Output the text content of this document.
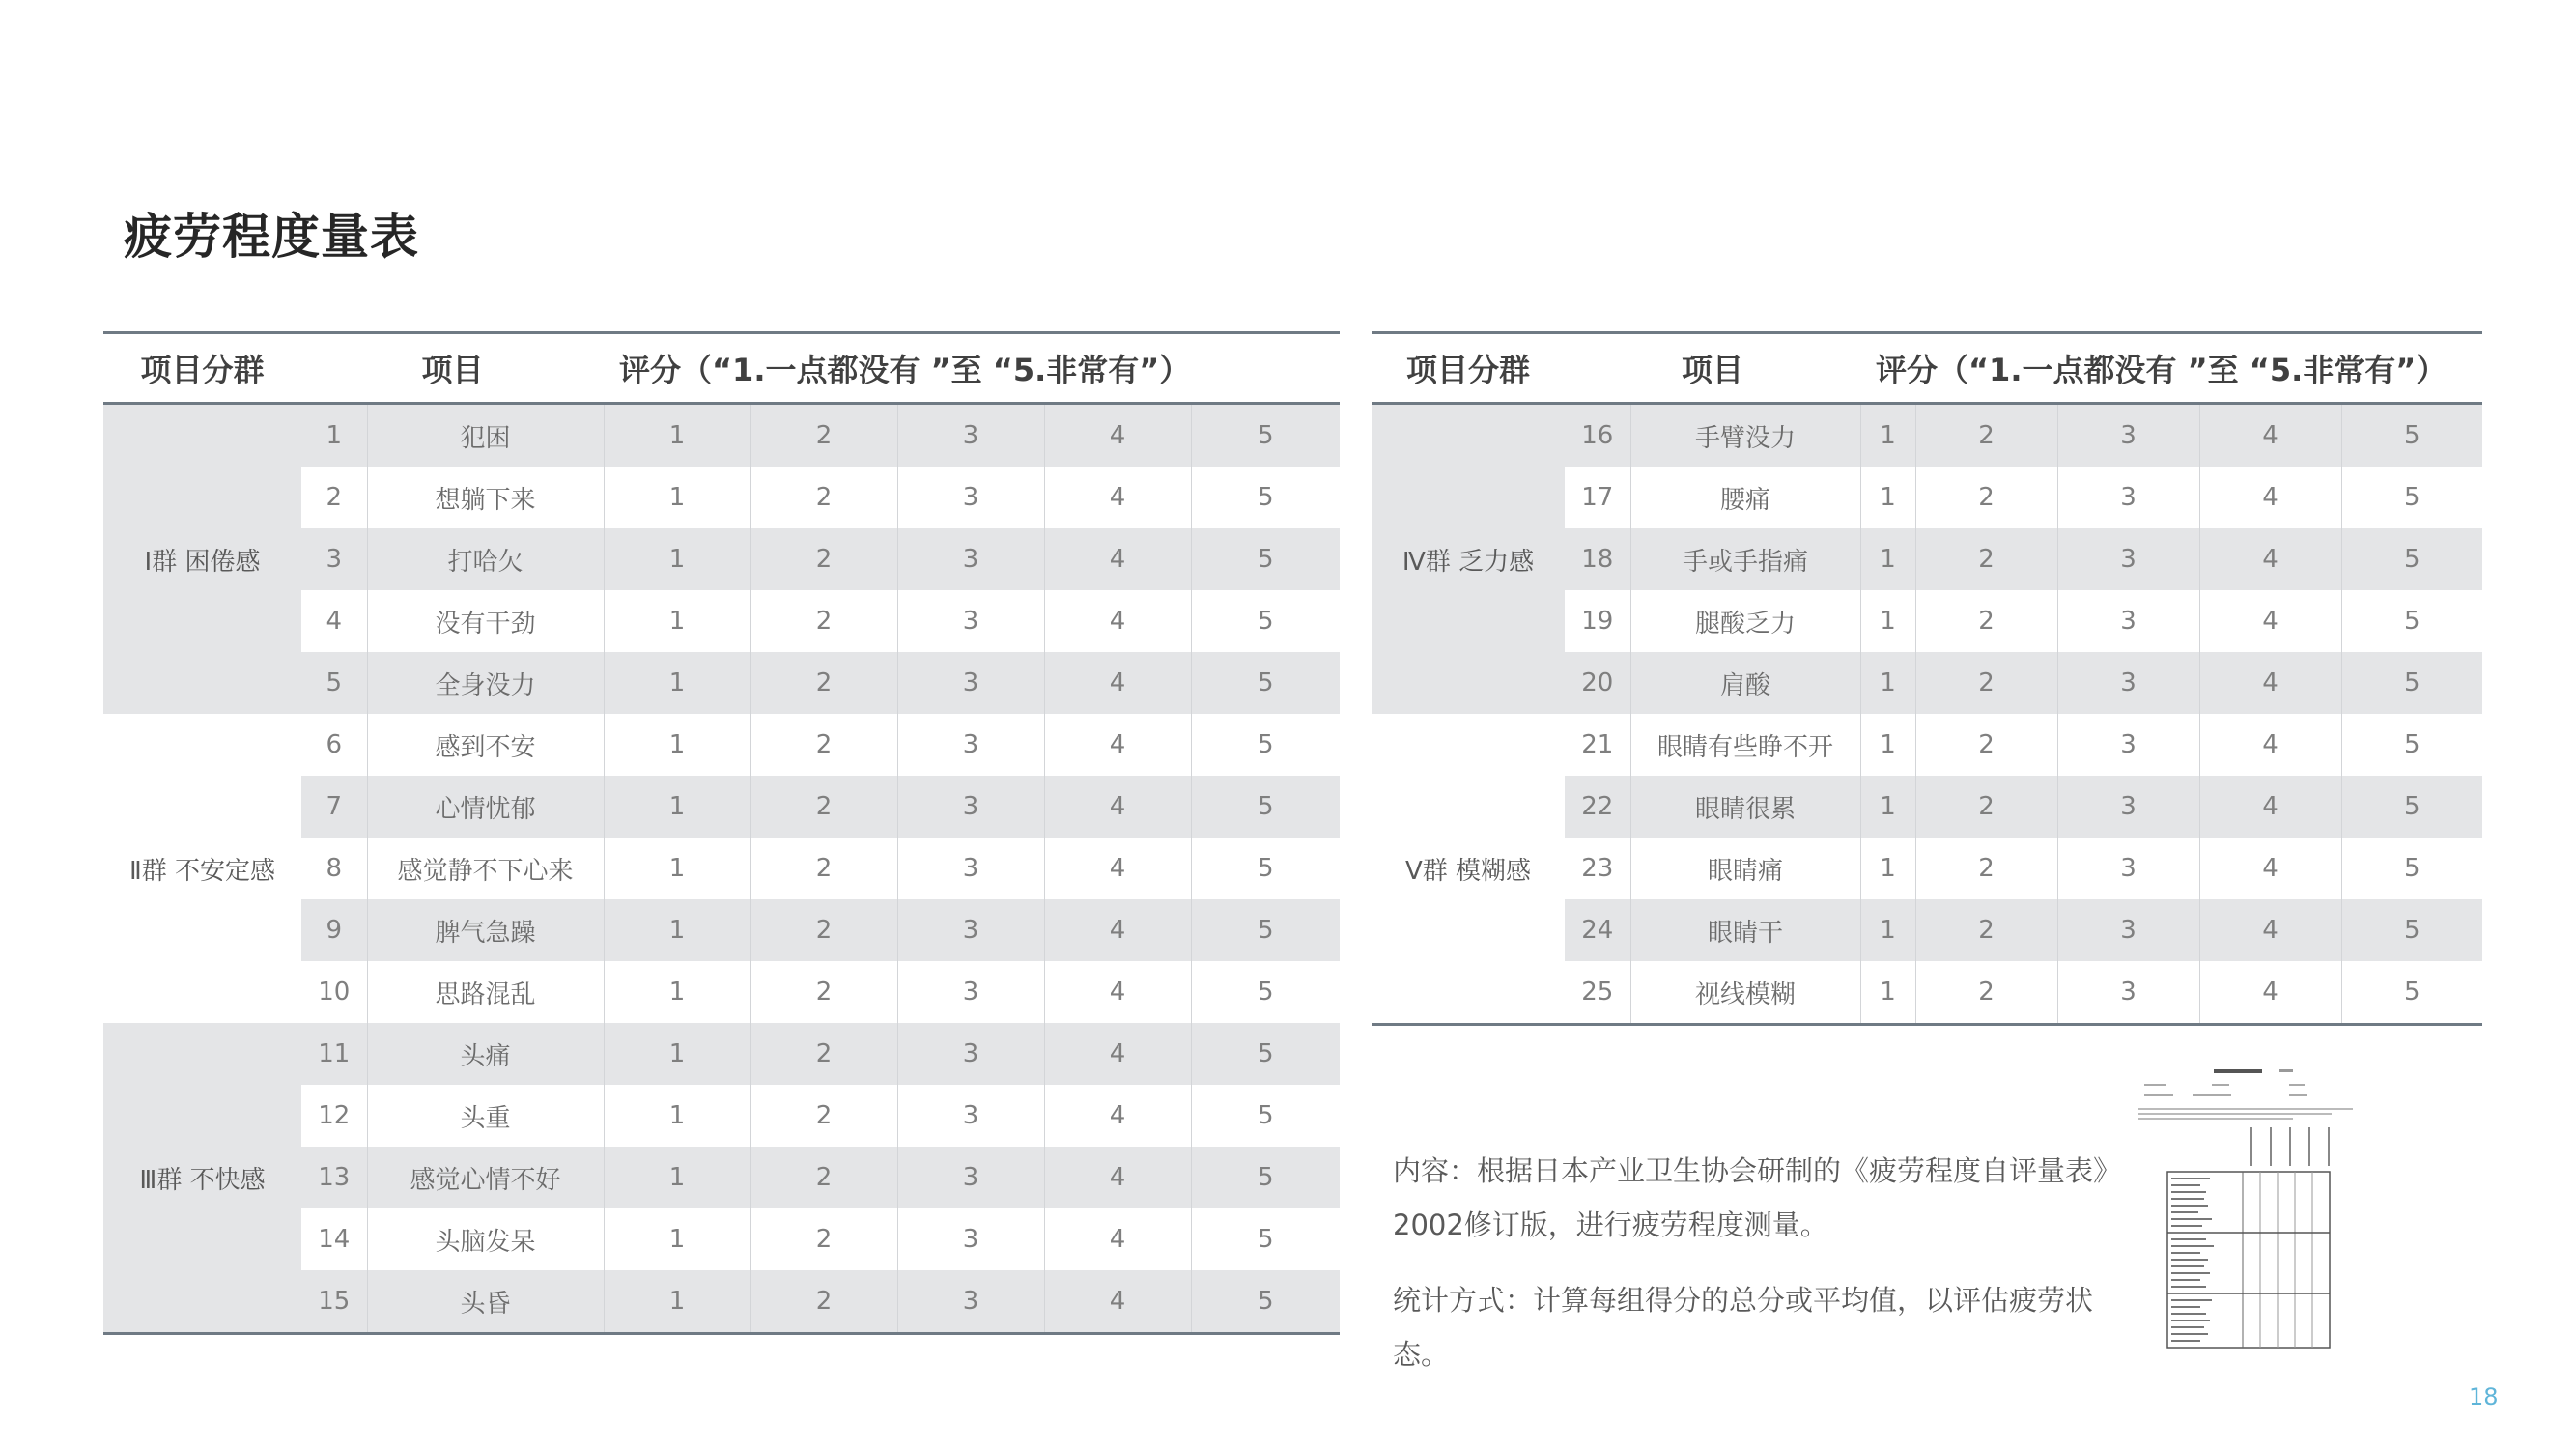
疲劳程度量表
项目分群	项目		评分（“1.一点都没有 ”至 “5.非常有”）				
Ⅰ群 困倦感	1	犯困	1	2	3	4	5
	2	想躺下来	1	2	3	4	5
	3	打哈欠	1	2	3	4	5
	4	没有干劲	1	2	3	4	5
	5	全身没力	1	2	3	4	5
Ⅱ群 不安定感	6	感到不安	1	2	3	4	5
	7	心情忧郁	1	2	3	4	5
	8	感觉静不下心来	1	2	3	4	5
	9	脾气急躁	1	2	3	4	5
	10	思路混乱	1	2	3	4	5
Ⅲ群 不快感	11	头痛	1	2	3	4	5
	12	头重	1	2	3	4	5
	13	感觉心情不好	1	2	3	4	5
	14	头脑发呆	1	2	3	4	5
	15	头昏	1	2	3	4	5
项目分群	项目		评分（“1.一点都没有 ”至 “5.非常有”）				
Ⅳ群 乏力感	16	手臂没力	1	2	3	4	5
	17	腰痛	1	2	3	4	5
	18	手或手指痛	1	2	3	4	5
	19	腿酸乏力	1	2	3	4	5
	20	肩酸	1	2	3	4	5
Ⅴ群 模糊感	21	眼睛有些睁不开	1	2	3	4	5
	22	眼睛很累	1	2	3	4	5
	23	眼睛痛	1	2	3	4	5
	24	眼睛干	1	2	3	4	5
	25	视线模糊	1	2	3	4	5

内容：根据日本产业卫生协会研制的《疲劳程度自评量表》2002修订版，进行疲劳程度测量。

统计方式：计算每组得分的总分或平均值，以评估疲劳状态。

18
